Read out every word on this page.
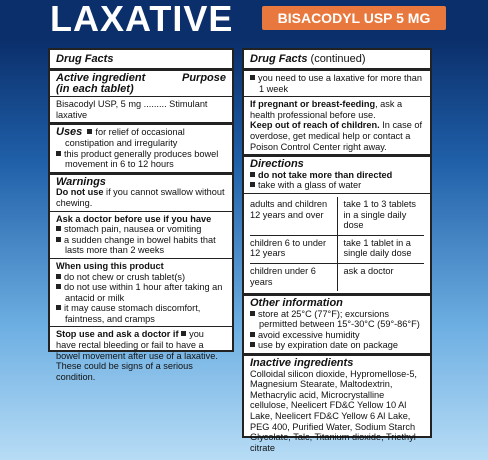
LAXATIVE	BISACODYL USP 5 MG
Drug Facts
Active ingredient	Purpose
(in each tablet)

Bisacodyl USP, 5 mg ......... Stimulant laxative

Uses for relief of occasional constipation and irregularity
this product generally produces bowel movement in 6 to 12 hours
Warnings

Do not use if you cannot swallow without chewing.

Ask a doctor before use if you have

stomach pain, nausea or vomiting
a sudden change in bowel habits that lasts more than 2 weeks

When using this product

do not chew or crush tablet(s)
do not use within 1 hour after taking an antacid or milk
it may cause stomach discomfort, faintness, and cramps

Stop use and ask a doctor if you have rectal bleeding or fail to have a bowel movement after use of a laxative. These could be signs of a serious condition.

Drug Facts (continued)
you need to use a laxative for more than 1 week

If pregnant or breast-feeding, ask a health professional before use.

Keep out of reach of children. In case of overdose, get medical help or contact a Poison Control Center right away.

Directions
do not take more than directed
take with a glass of water
adults and children 12 years and over	take 1 to 3 tablets in a single daily dose
children 6 to under 12 years	take 1 tablet in a single daily dose
children under 6 years	ask a doctor
Other information
store at 25°C (77°F); excursions permitted between 15°-30°C (59°-86°F)
avoid excessive humidity
use by expiration date on package
Inactive ingredients

Colloidal silicon dioxide, Hypromellose-5, Magnesium Stearate, Maltodextrin, Methacrylic acid, Microcrystalline cellulose, Neelicert FD&C Yellow 10 Al Lake, Neelicert FD&C Yellow 6 Al Lake, PEG 400, Purified Water, Sodium Starch Glycolate, Talc, Titanium dioxide, Triethyl citrate
